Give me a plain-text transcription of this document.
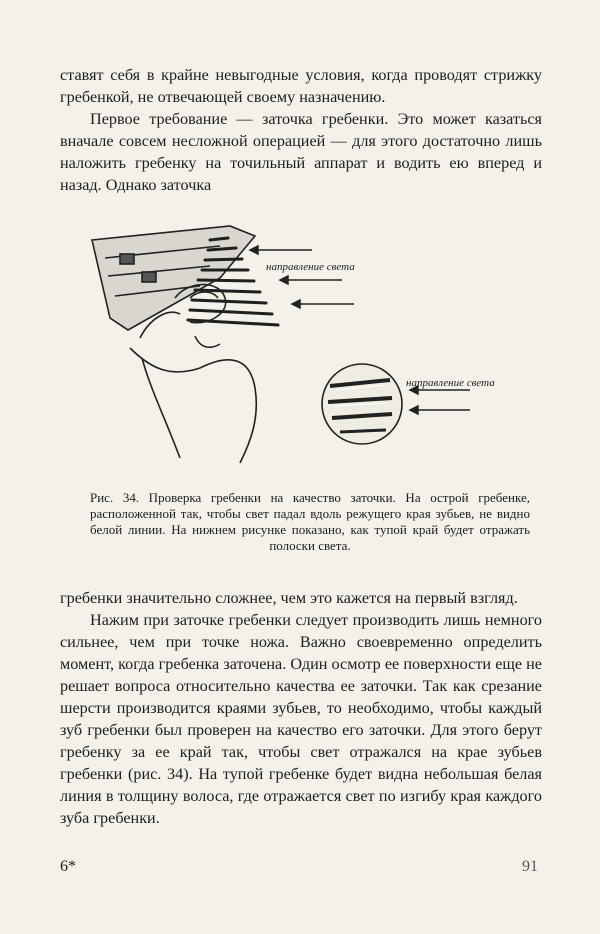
ставят себя в крайне невыгодные условия, когда проводят стрижку гребенкой, не отвечающей своему назначению.

Первое требование — заточка гребенки. Это может казаться вначале совсем несложной операцией — для этого достаточно лишь наложить гребенку на точильный аппарат и водить ею вперед и назад. Однако заточка

направление света
направление света
Рис. 34. Проверка гребенки на качество заточки. На острой гребенке, расположенной так, чтобы свет падал вдоль режущего края зубьев, не видно белой линии. На нижнем рисунке показано, как тупой край будет отражать полоски света.

гребенки значительно сложнее, чем это кажется на первый взгляд.

Нажим при заточке гребенки следует производить лишь немного сильнее, чем при точке ножа. Важно своевременно определить момент, когда гребенка заточена. Один осмотр ее поверхности еще не решает вопроса относительно качества ее заточки. Так как срезание шерсти производится краями зубьев, то необходимо, чтобы каждый зуб гребенки был проверен на качество его заточки. Для этого берут гребенку за ее край так, чтобы свет отражался на крае зубьев гребенки (рис. 34). На тупой гребенке будет видна небольшая белая линия в толщину волоса, где отражается свет по изгибу края каждого зуба гребенки.

6*	91
